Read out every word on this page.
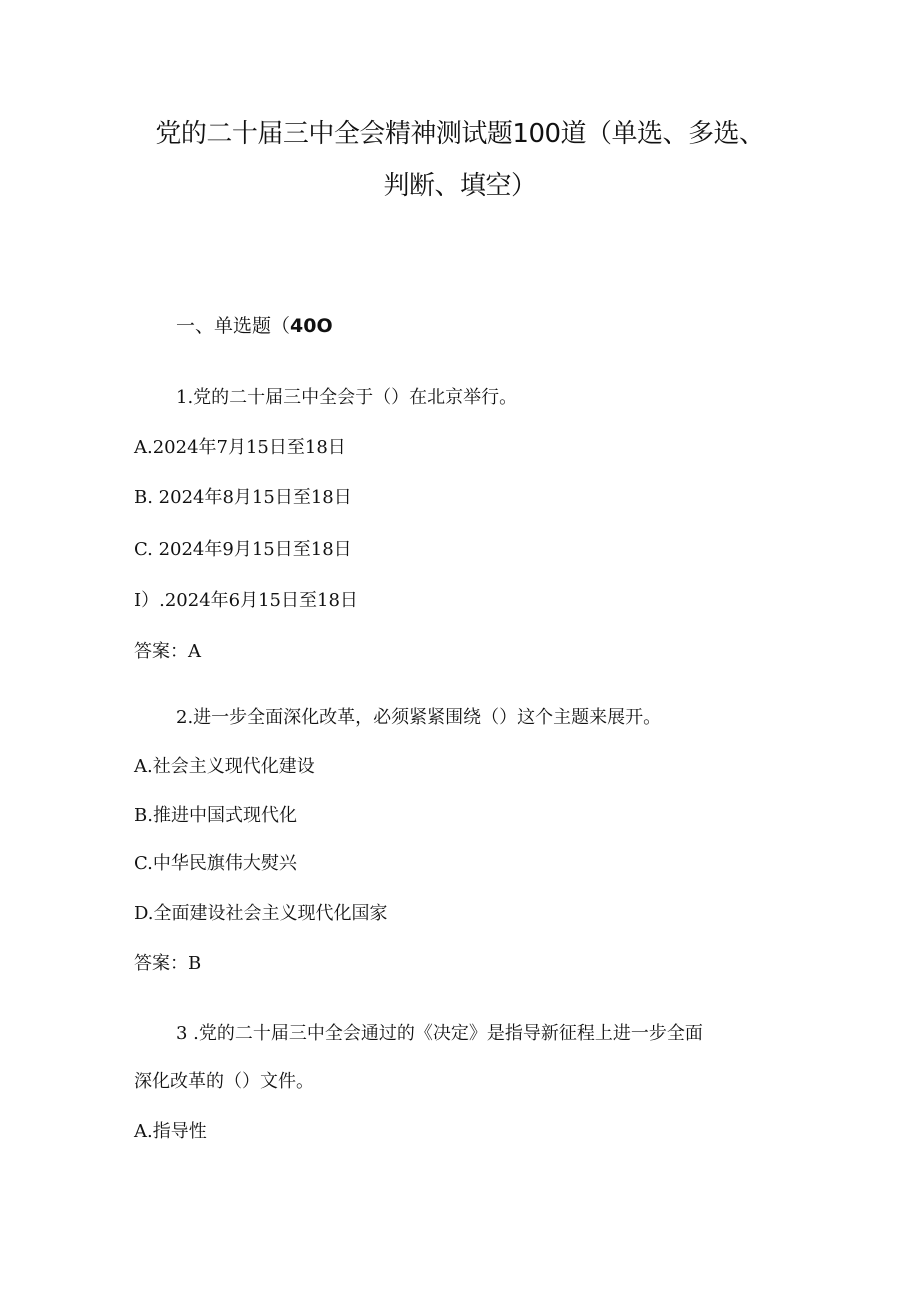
党的二十届三中全会精神测试题100道（单选、多选、
判断、填空）
一、单选题（40O
1.党的二十届三中全会于（）在北京举行。
A.2024年7月15日至18日
B. 2024年8月15日至18日
C. 2024年9月15日至18日
I）.2024年6月15日至18日
答案：A
2.进一步全面深化改革，必须紧紧围绕（）这个主题来展开。
A.社会主义现代化建设
B.推进中国式现代化
C.中华民旗伟大熨兴
D.全面建设社会主义现代化国家
答案：B
3 .党的二十届三中全会通过的《决定》是指导新征程上进一步全面
深化改革的（）文件。
A.指导性
